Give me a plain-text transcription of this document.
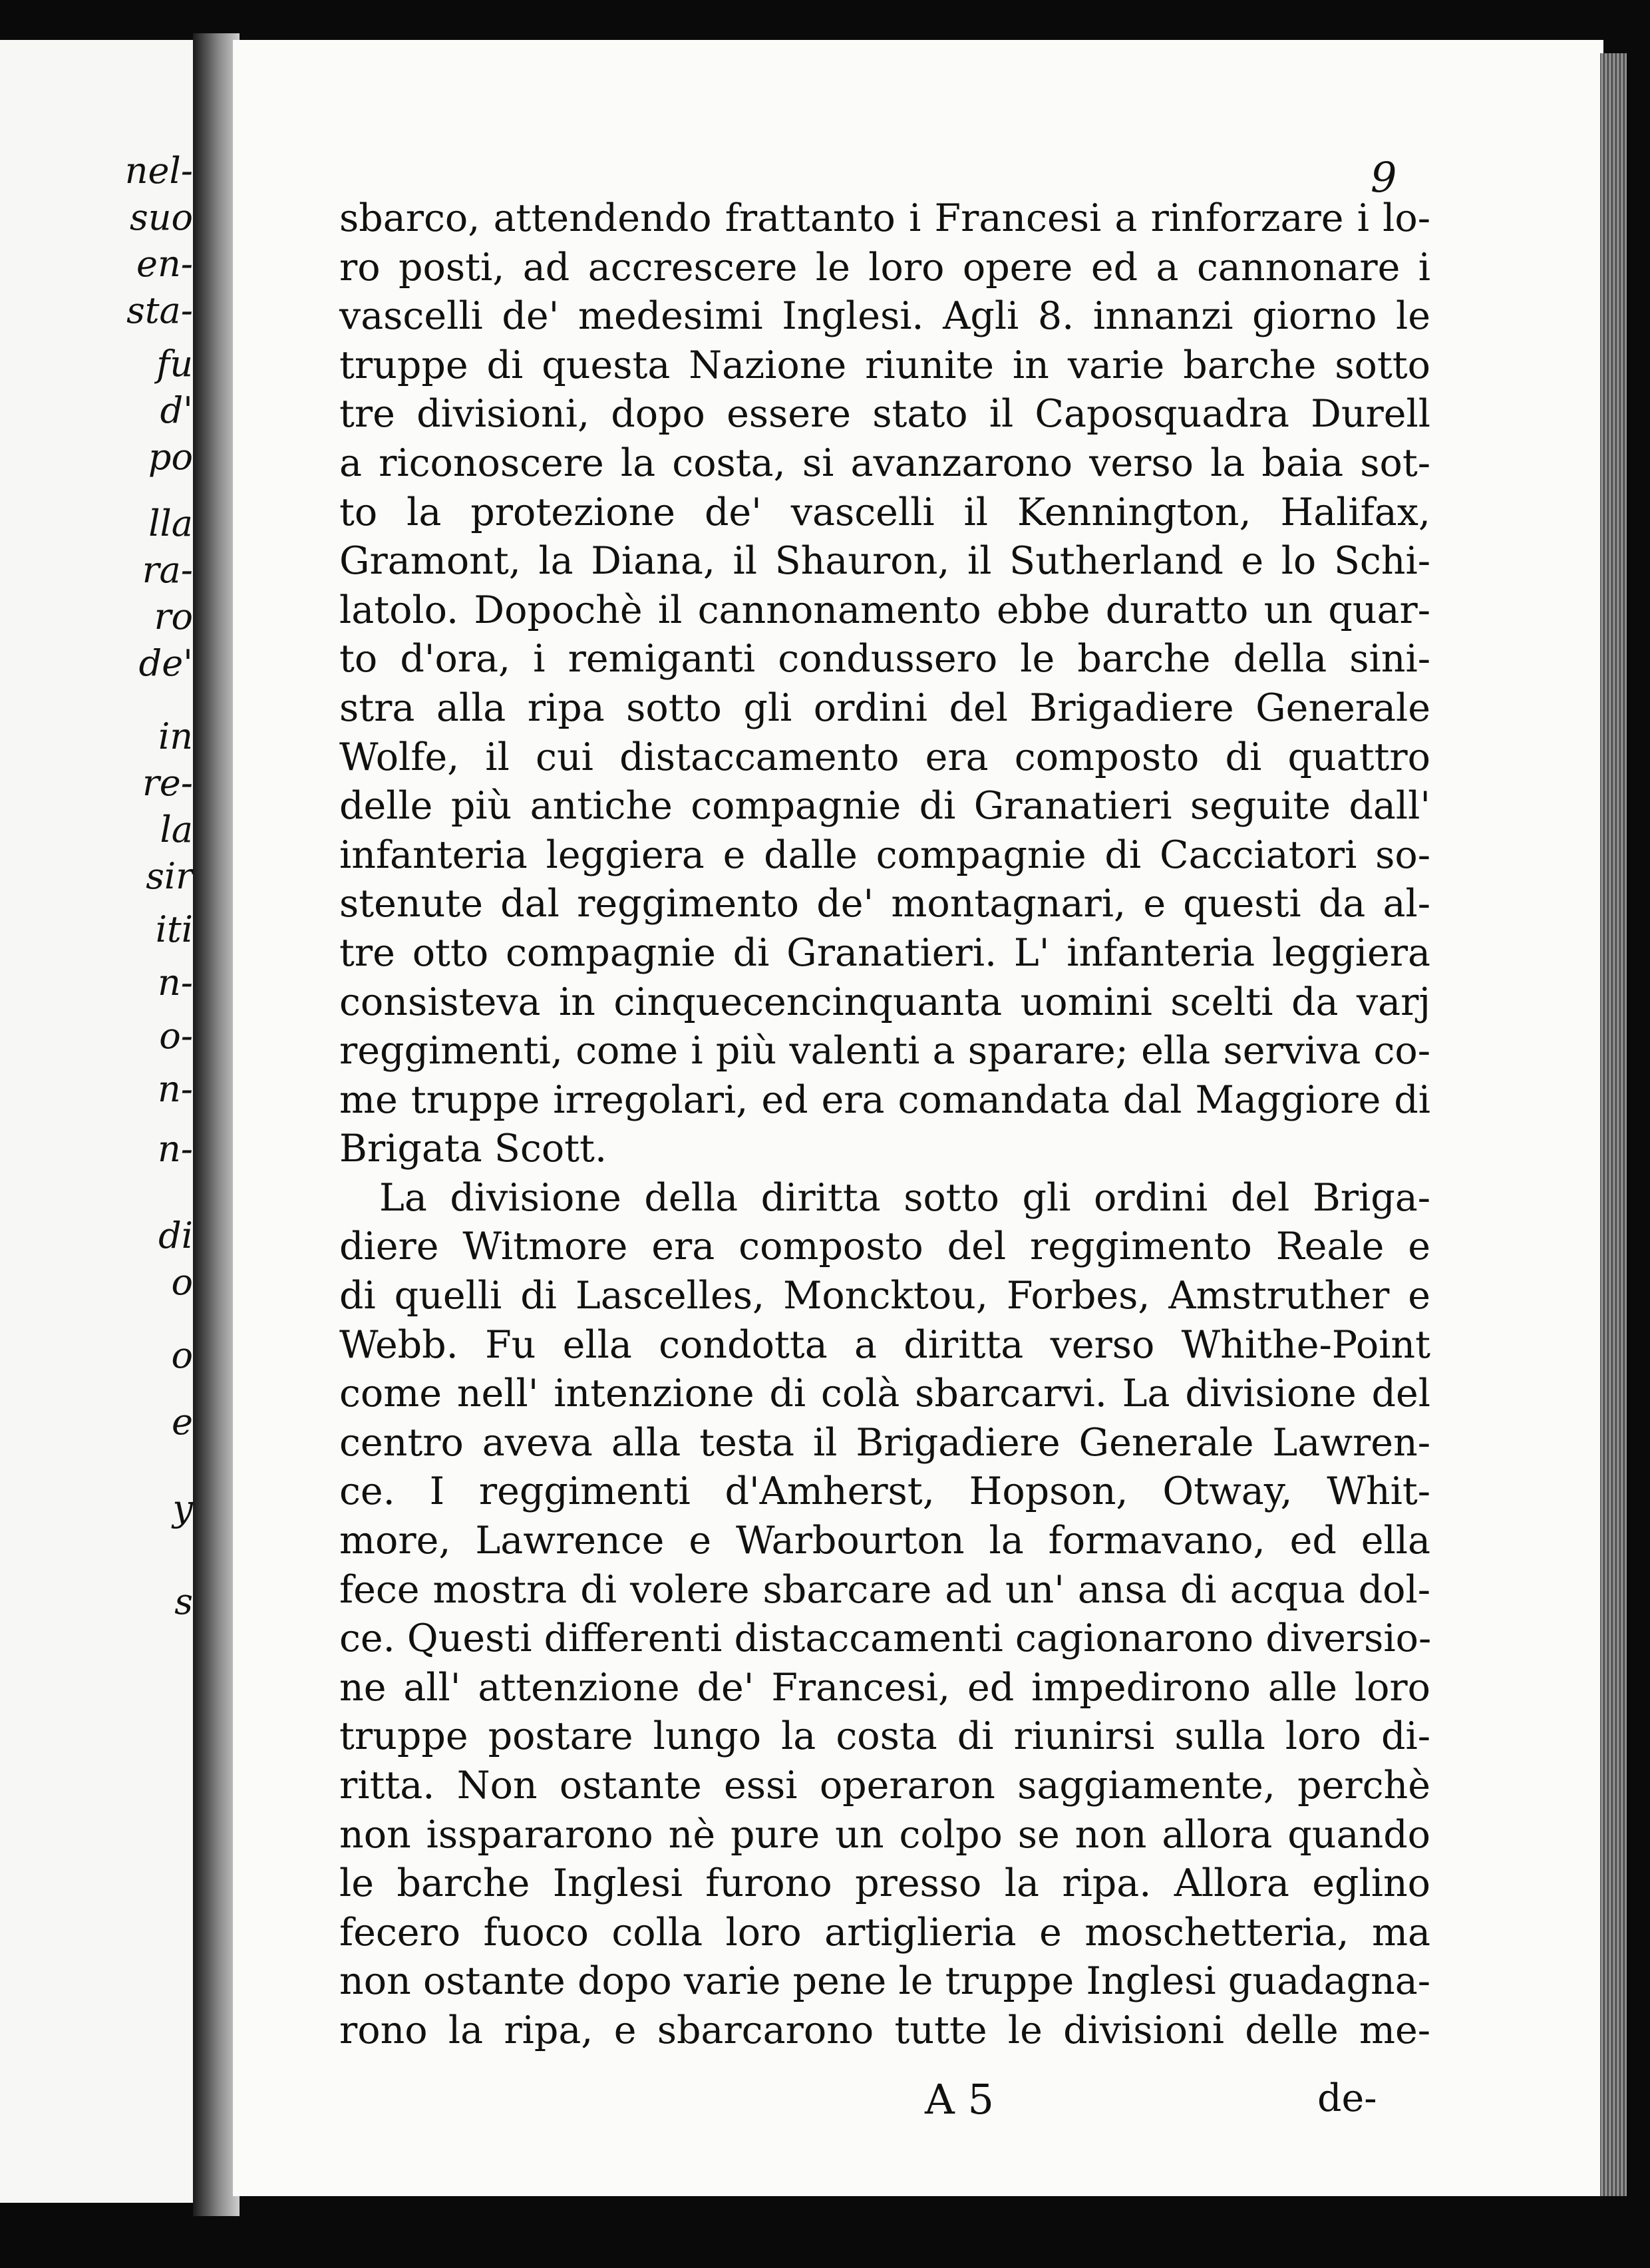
nel-
suo
en-
sta-
fu
d'
po
lla
ra-
ro
de'
in
re-
la
sir
iti
n-
o-
n-
n-
di
o
o
e
y
s
9
sbarco, attendendo frattanto i Francesi a rinforzare i lo-
ro posti, ad accrescere le loro opere ed a cannonare i
vascelli de' medesimi Inglesi. Agli 8. innanzi giorno le
truppe di questa Nazione riunite in varie barche sotto
tre divisioni, dopo essere stato il Caposquadra Durell
a riconoscere la costa, si avanzarono verso la baia sot-
to la protezione de' vascelli il Kennington, Halifax,
Gramont, la Diana, il Shauron, il Sutherland e lo Schi-
latolo. Dopochè il cannonamento ebbe duratto un quar-
to d'ora, i remiganti condussero le barche della sini-
stra alla ripa sotto gli ordini del Brigadiere Generale
Wolfe, il cui distaccamento era composto di quattro
delle più antiche compagnie di Granatieri seguite dall'
infanteria leggiera e dalle compagnie di Cacciatori so-
stenute dal reggimento de' montagnari, e questi da al-
tre otto compagnie di Granatieri. L' infanteria leggiera
consisteva in cinquecencinquanta uomini scelti da varj
reggimenti, come i più valenti a sparare; ella serviva co-
me truppe irregolari, ed era comandata dal Maggiore di
Brigata Scott.
La divisione della diritta sotto gli ordini del Briga-
diere Witmore era composto del reggimento Reale e
di quelli di Lascelles, Moncktou, Forbes, Amstruther e
Webb. Fu ella condotta a diritta verso Whithe-Point
come nell' intenzione di colà sbarcarvi. La divisione del
centro aveva alla testa il Brigadiere Generale Lawren-
ce. I reggimenti d'Amherst, Hopson, Otway, Whit-
more, Lawrence e Warbourton la formavano, ed ella
fece mostra di volere sbarcare ad un' ansa di acqua dol-
ce. Questi differenti distaccamenti cagionarono diversio-
ne all' attenzione de' Francesi, ed impedirono alle loro
truppe postare lungo la costa di riunirsi sulla loro di-
ritta. Non ostante essi operaron saggiamente, perchè
non isspararono nè pure un colpo se non allora quando
le barche Inglesi furono presso la ripa. Allora eglino
fecero fuoco colla loro artiglieria e moschetteria, ma
non ostante dopo varie pene le truppe Inglesi guadagna-
rono la ripa, e sbarcarono tutte le divisioni delle me-
A 5	de-
